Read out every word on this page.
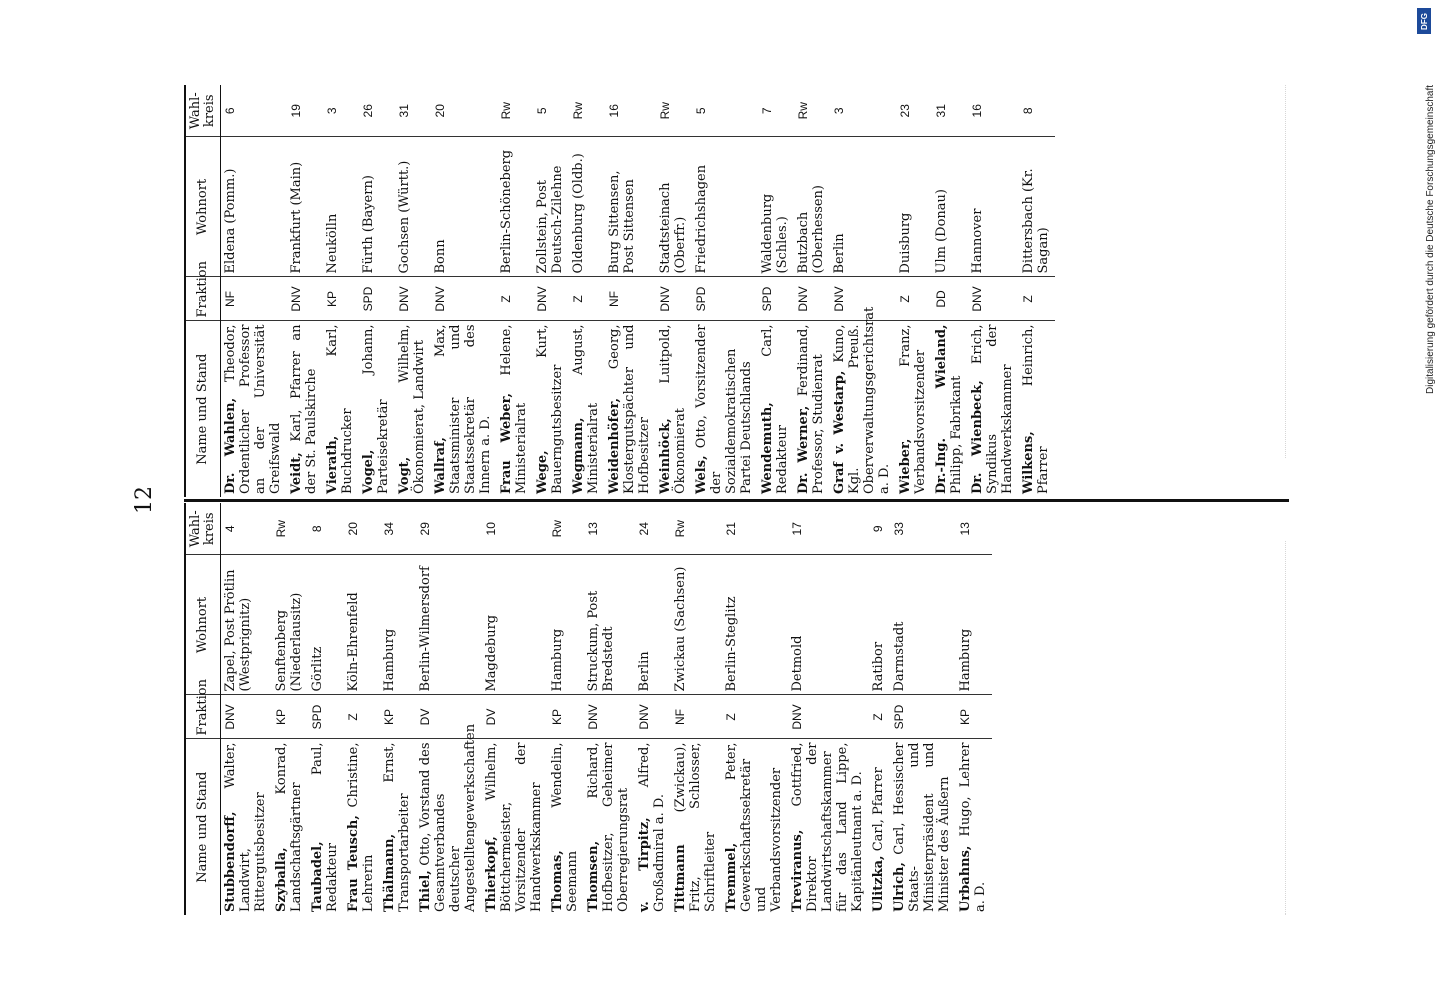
12
Name und Stand	Fraktion	Wohnort	Wahl- kreis
Stubbendorff, Walter, Landwirt, Rittergutsbesitzer	DNV	Zapel, Post Prötlin (Westprignitz)	4
Szyballa, Konrad, Landschaftsgärtner	KP	Senftenberg (Niederlausitz)	Rw
Taubadel, Paul, Redakteur	SPD	Görlitz	8
Frau Teusch, Christine, Lehrerin	Z	Köln-Ehrenfeld	20
Thälmann, Ernst, Transportarbeiter	KP	Hamburg	34
Thiel, Otto, Vorstand des Gesamtverbandes deutscher Angestelltengewerkschaften	DV	Berlin-Wilmersdorf	29
Thierkopf, Wilhelm, Böttchermeister, Vorsitzender der Handwerkskammer	DV	Magdeburg	10
Thomas, Wendelin, Seemann	KP	Hamburg	Rw
Thomsen, Richard, Hofbesitzer, Geheimer Oberregierungsrat	DNV	Struckum, Post Bredstedt	13
v. Tirpitz, Alfred, Großadmiral a. D.	DNV	Berlin	24
Tittmann (Zwickau), Fritz, Schlosser, Schriftleiter	NF	Zwickau (Sachsen)	Rw
Tremmel, Peter, Gewerkschaftssekretär und Verbandsvorsitzender	Z	Berlin-Steglitz	21
Treviranus, Gottfried, Direktor der Landwirtschaftskammer für das Land Lippe, Kapitänleutnant a. D.	DNV	Detmold	17
Ulitzka, Carl, Pfarrer	Z	Ratibor	9
Ulrich, Carl, Hessischer Staats- und Ministerpräsident und Minister des Äußern	SPD	Darmstadt	33
Urbahns, Hugo, Lehrer a. D.	KP	Hamburg	13
Name und Stand	Fraktion	Wohnort	Wahl- kreis
Dr. Wahlen, Theodor, Ordentlicher Professor an der Universität Greifswald	NF	Eldena (Pomm.)	6
Veidt, Karl, Pfarrer an der St. Paulskirche	DNV	Frankfurt (Main)	19
Vierath, Karl, Buchdrucker	KP	Neukölln	3
Vogel, Johann, Parteisekretär	SPD	Fürth (Bayern)	26
Vogt, Wilhelm, Ökonomierat, Landwirt	DNV	Gochsen (Württ.)	31
Wallraf, Max, Staatsminister und Staatssekretär des Innern a. D.	DNV	Bonn	20
Frau Weber, Helene, Ministerialrat	Z	Berlin-Schöneberg	Rw
Wege, Kurt, Bauerngutsbesitzer	DNV	Zollstein, Post Deutsch-Zilehne	5
Wegmann, August, Ministerialrat	Z	Oldenburg (Oldb.)	Rw
Weidenhöfer, Georg, Klostergutspächter und Hofbesitzer	NF	Burg Sittensen, Post Sittensen	16
Weinhöck, Luitpold, Ökonomierat	DNV	Stadtsteinach (Oberfr.)	Rw
Wels, Otto, Vorsitzender der Sozialdemokratischen Partei Deutschlands	SPD	Friedrichshagen	5
Wendemuth, Carl, Redakteur	SPD	Waldenburg (Schles.)	7
Dr. Werner, Ferdinand, Professor, Studienrat	DNV	Butzbach (Oberhessen)	Rw
Graf v. Westarp, Kuno, Kgl. Preuß. Oberverwaltungsgerichtsrat a. D.	DNV	Berlin	3
Wieber, Franz, Verbandsvorsitzender	Z	Duisburg	23
Dr.-Ing. Wieland, Philipp, Fabrikant	DD	Ulm (Donau)	31
Dr. Wienbeck, Erich, Syndikus der Handwerkskammer	DNV	Hannover	16
Wilkens, Heinrich, Pfarrer	Z	Dittersbach (Kr. Sagan)	8
DFG
Digitalisierung gefördert durch die Deutsche Forschungsgemeinschaft
